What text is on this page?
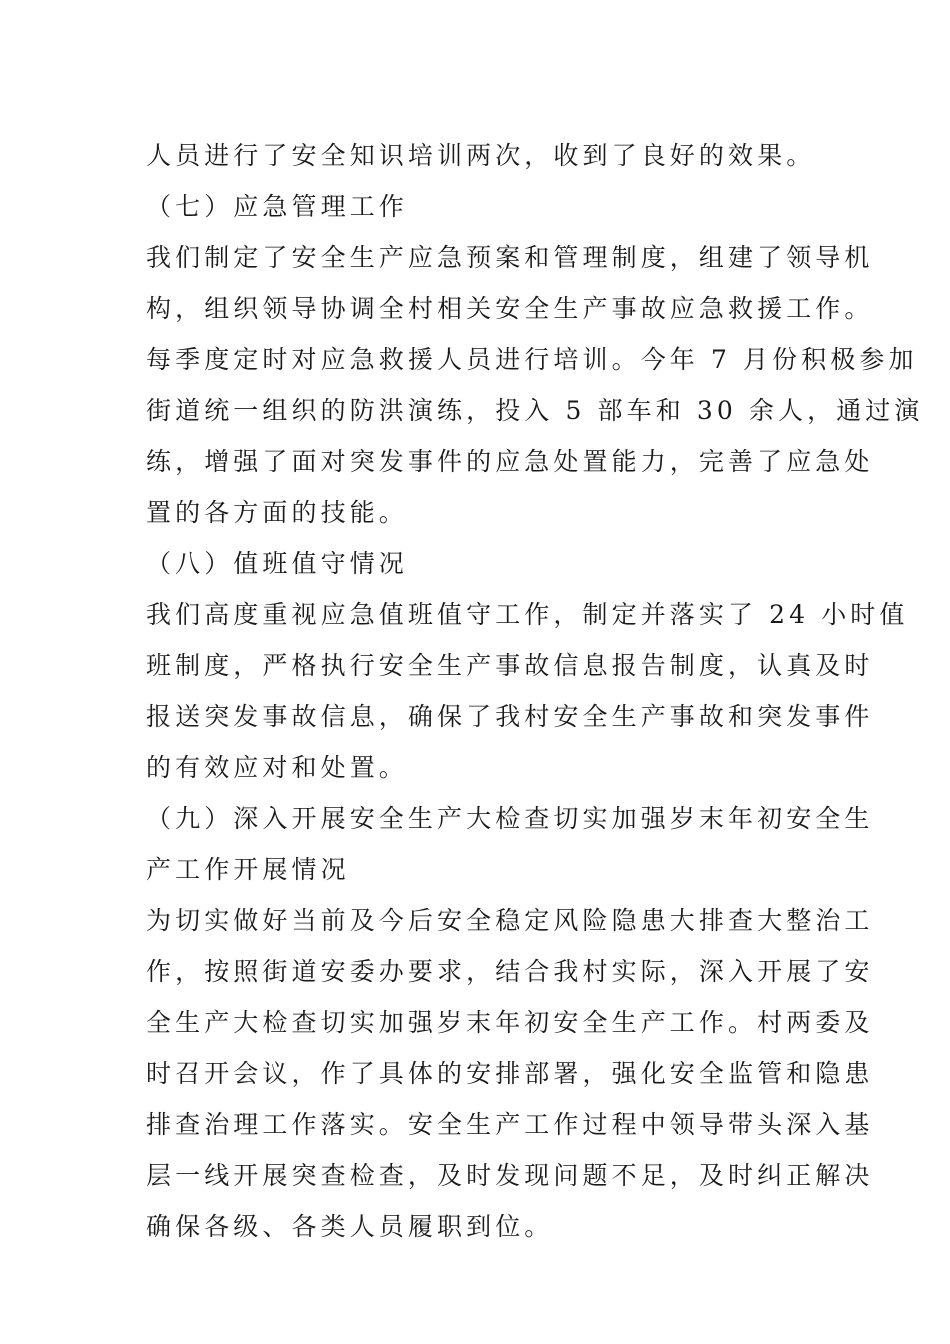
人员进行了安全知识培训两次，收到了良好的效果。
（七）应急管理工作
我们制定了安全生产应急预案和管理制度，组建了领导机
构，组织领导协调全村相关安全生产事故应急救援工作。
每季度定时对应急救援人员进行培训。今年 7 月份积极参加
街道统一组织的防洪演练，投入 5 部车和 30 余人，通过演
练，增强了面对突发事件的应急处置能力，完善了应急处
置的各方面的技能。
（八）值班值守情况
我们高度重视应急值班值守工作，制定并落实了 24 小时值
班制度，严格执行安全生产事故信息报告制度，认真及时
报送突发事故信息，确保了我村安全生产事故和突发事件
的有效应对和处置。
（九）深入开展安全生产大检查切实加强岁末年初安全生
产工作开展情况
为切实做好当前及今后安全稳定风险隐患大排查大整治工
作，按照街道安委办要求，结合我村实际，深入开展了安
全生产大检查切实加强岁末年初安全生产工作。村两委及
时召开会议，作了具体的安排部署，强化安全监管和隐患
排查治理工作落实。安全生产工作过程中领导带头深入基
层一线开展突查检查，及时发现问题不足，及时纠正解决
确保各级、各类人员履职到位。
